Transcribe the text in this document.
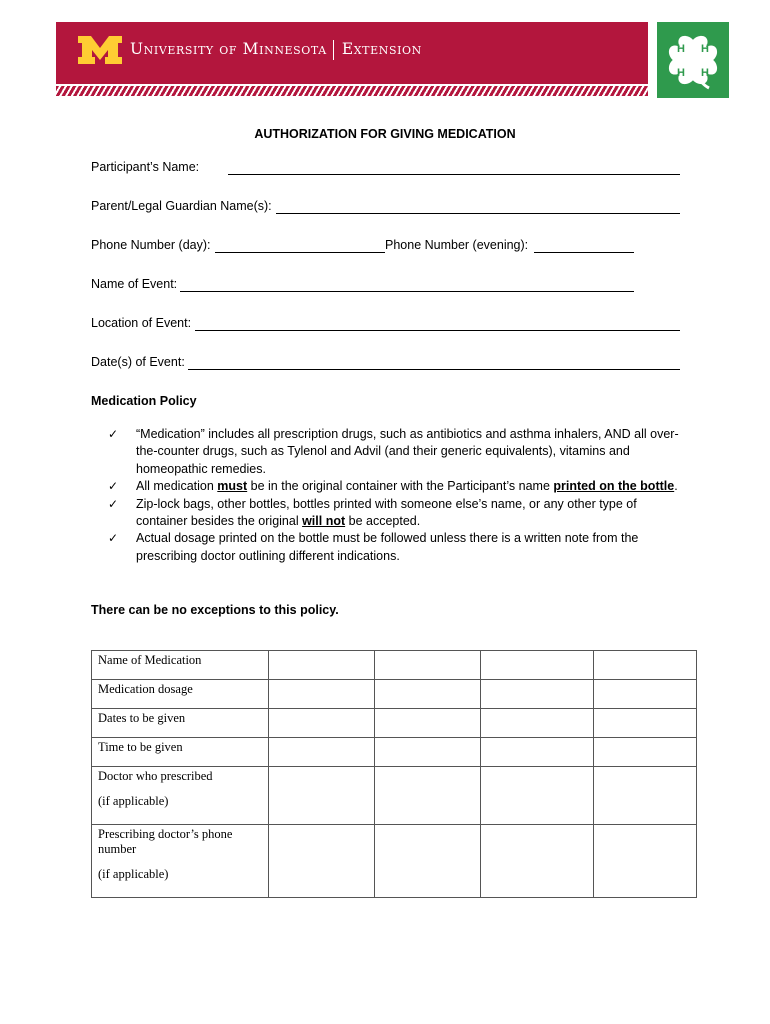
University of Minnesota Extension	H H
H H
AUTHORIZATION FOR GIVING MEDICATION
Participant’s Name:
Parent/Legal Guardian Name(s):
Phone Number (day):	Phone Number (evening):
Name of Event:
Location of Event:
Date(s) of Event:
Medication Policy
✓ “Medication” includes all prescription drugs, such as antibiotics and asthma inhalers, AND all over-the-counter drugs, such as Tylenol and Advil (and their generic equivalents), vitamins and homeopathic remedies.
✓ All medication must be in the original container with the Participant’s name printed on the bottle.
✓ Zip-lock bags, other bottles, bottles printed with someone else’s name, or any other type of container besides the original will not be accepted.
✓ Actual dosage printed on the bottle must be followed unless there is a written note from the prescribing doctor outlining different indications.
There can be no exceptions to this policy.
Name of Medication				
Medication dosage				
Dates to be given				
Time to be given				

Doctor who prescribed
(if applicable)				

Prescribing doctor’s phone number
(if applicable)				
